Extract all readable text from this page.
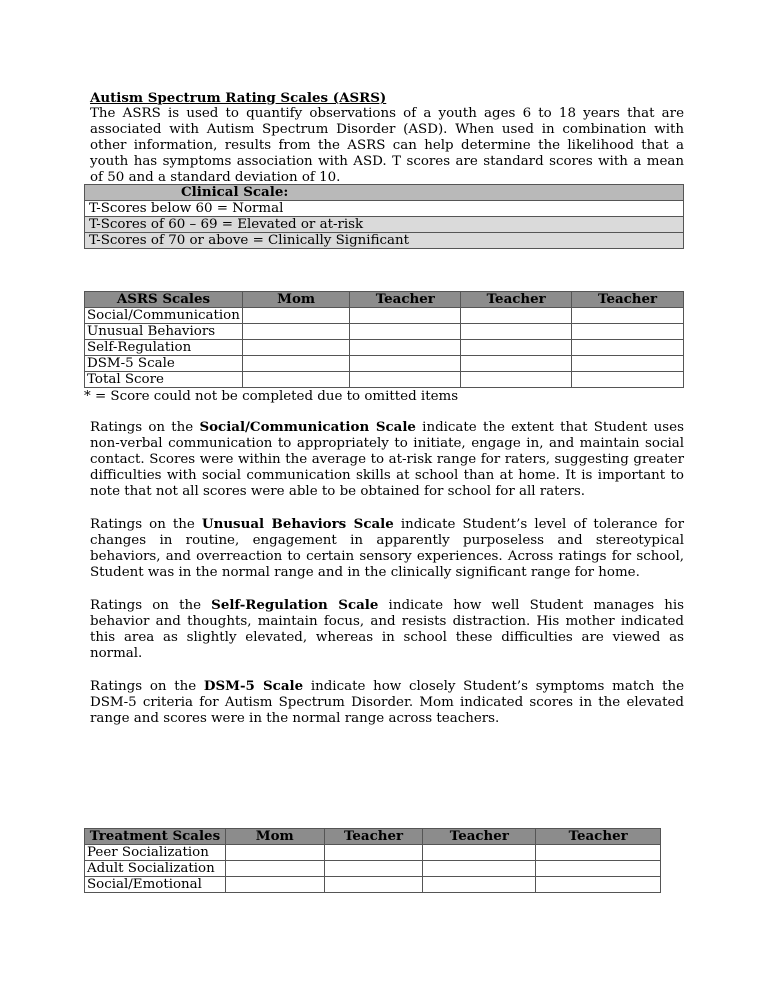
Autism Spectrum Rating Scales (ASRS)

The ASRS is used to quantify observations of a youth ages 6 to 18 years that are associated with Autism Spectrum Disorder (ASD). When used in combination with other information, results from the ASRS can help determine the likelihood that a youth has symptoms association with ASD. T scores are standard scores with a mean of 50 and a standard deviation of 10.

Clinical Scale:
T-Scores below 60 = Normal
T-Scores of 60 – 69 = Elevated or at-risk
T-Scores of 70 or above = Clinically Significant
ASRS Scales	Mom	Teacher	Teacher	Teacher
Social/Communication				
Unusual Behaviors				
Self-Regulation				
DSM-5 Scale				
Total Score				
* = Score could not be completed due to omitted items

Ratings on the Social/Communication Scale indicate the extent that Student uses non-verbal communication to appropriately to initiate, engage in, and maintain social contact. Scores were within the average to at-risk range for raters, suggesting greater difficulties with social communication skills at school than at home. It is important to note that not all scores were able to be obtained for school for all raters.

Ratings on the Unusual Behaviors Scale indicate Student’s level of tolerance for changes in routine, engagement in apparently purposeless and stereotypical behaviors, and overreaction to certain sensory experiences. Across ratings for school, Student was in the normal range and in the clinically significant range for home.

Ratings on the Self-Regulation Scale indicate how well Student manages his behavior and thoughts, maintain focus, and resists distraction. His mother indicated this area as slightly elevated, whereas in school these difficulties are viewed as normal.

Ratings on the DSM-5 Scale indicate how closely Student’s symptoms match the DSM-5 criteria for Autism Spectrum Disorder. Mom indicated scores in the elevated range and scores were in the normal range across teachers.

Treatment Scales	Mom	Teacher	Teacher	Teacher
Peer Socialization				
Adult Socialization				
Social/Emotional				
